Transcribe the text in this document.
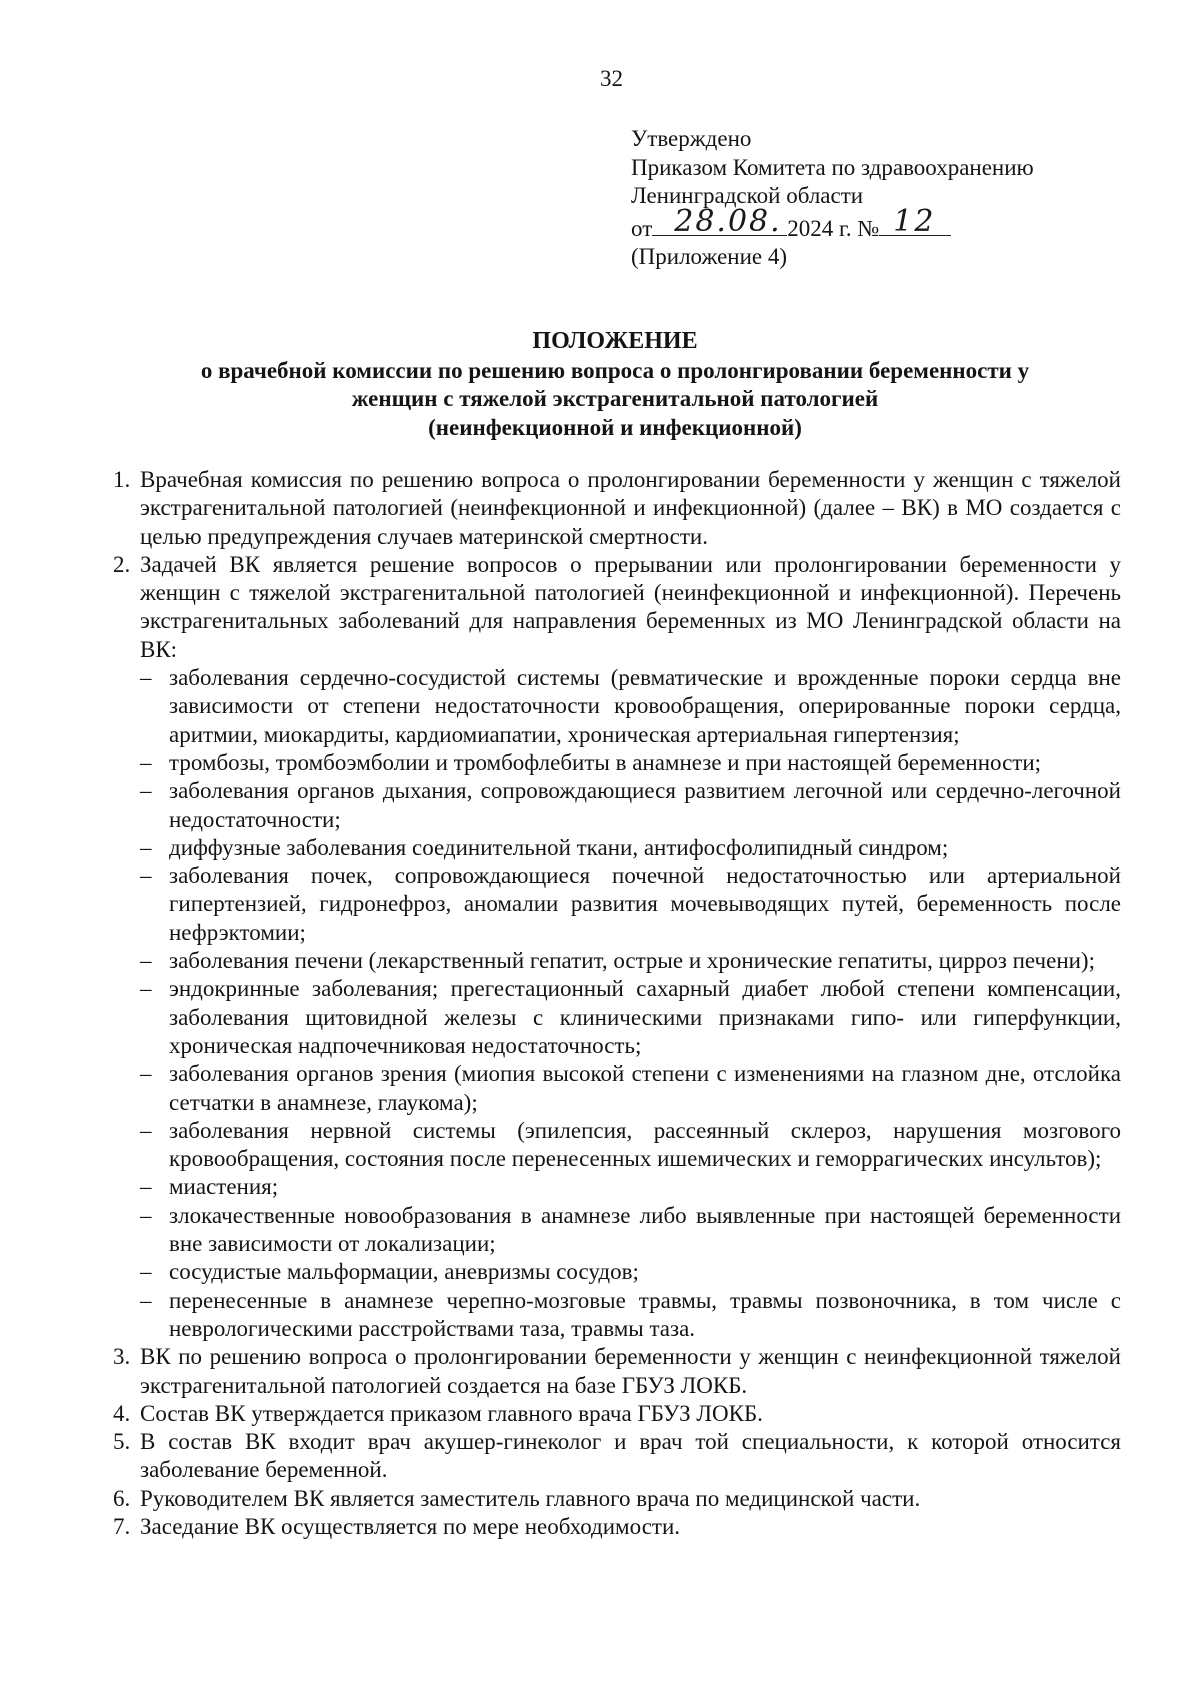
32
Утверждено
Приказом Комитета по здравоохранению
Ленинградской области
от 28.08. 2024 г. № 12
(Приложение 4)
ПОЛОЖЕНИЕ
о врачебной комиссии по решению вопроса о пролонгировании беременности у
женщин с тяжелой экстрагенитальной патологией
(неинфекционной и инфекционной)
1. Врачебная комиссия по решению вопроса о пролонгировании беременности у женщин с тяжелой экстрагенитальной патологией (неинфекционной и инфекционной) (далее – ВК) в МО создается с целью предупреждения случаев материнской смертности.
2. Задачей ВК является решение вопросов о прерывании или пролонгировании беременности у женщин с тяжелой экстрагенитальной патологией (неинфекционной и инфекционной). Перечень экстрагенитальных заболеваний для направления беременных из МО Ленинградской области на ВК:
– заболевания сердечно-сосудистой системы (ревматические и врожденные пороки сердца вне зависимости от степени недостаточности кровообращения, оперированные пороки сердца, аритмии, миокардиты, кардиомиапатии, хроническая артериальная гипертензия;
– тромбозы, тромбоэмболии и тромбофлебиты в анамнезе и при настоящей беременности;
– заболевания органов дыхания, сопровождающиеся развитием легочной или сердечно-легочной недостаточности;
– диффузные заболевания соединительной ткани, антифосфолипидный синдром;
– заболевания почек, сопровождающиеся почечной недостаточностью или артериальной гипертензией, гидронефроз, аномалии развития мочевыводящих путей, беременность после нефрэктомии;
– заболевания печени (лекарственный гепатит, острые и хронические гепатиты, цирроз печени);
– эндокринные заболевания; прегестационный сахарный диабет любой степени компенсации, заболевания щитовидной железы с клиническими признаками гипо- или гиперфункции, хроническая надпочечниковая недостаточность;
– заболевания органов зрения (миопия высокой степени с изменениями на глазном дне, отслойка сетчатки в анамнезе, глаукома);
– заболевания нервной системы (эпилепсия, рассеянный склероз, нарушения мозгового кровообращения, состояния после перенесенных ишемических и геморрагических инсультов);
– миастения;
– злокачественные новообразования в анамнезе либо выявленные при настоящей беременности вне зависимости от локализации;
– сосудистые мальформации, аневризмы сосудов;
– перенесенные в анамнезе черепно-мозговые травмы, травмы позвоночника, в том числе с неврологическими расстройствами таза, травмы таза.
3. ВК по решению вопроса о пролонгировании беременности у женщин с неинфекционной тяжелой экстрагенитальной патологией создается на базе ГБУЗ ЛОКБ.
4. Состав ВК утверждается приказом главного врача ГБУЗ ЛОКБ.
5. В состав ВК входит врач акушер-гинеколог и врач той специальности, к которой относится заболевание беременной.
6. Руководителем ВК является заместитель главного врача по медицинской части.
7. Заседание ВК осуществляется по мере необходимости.
